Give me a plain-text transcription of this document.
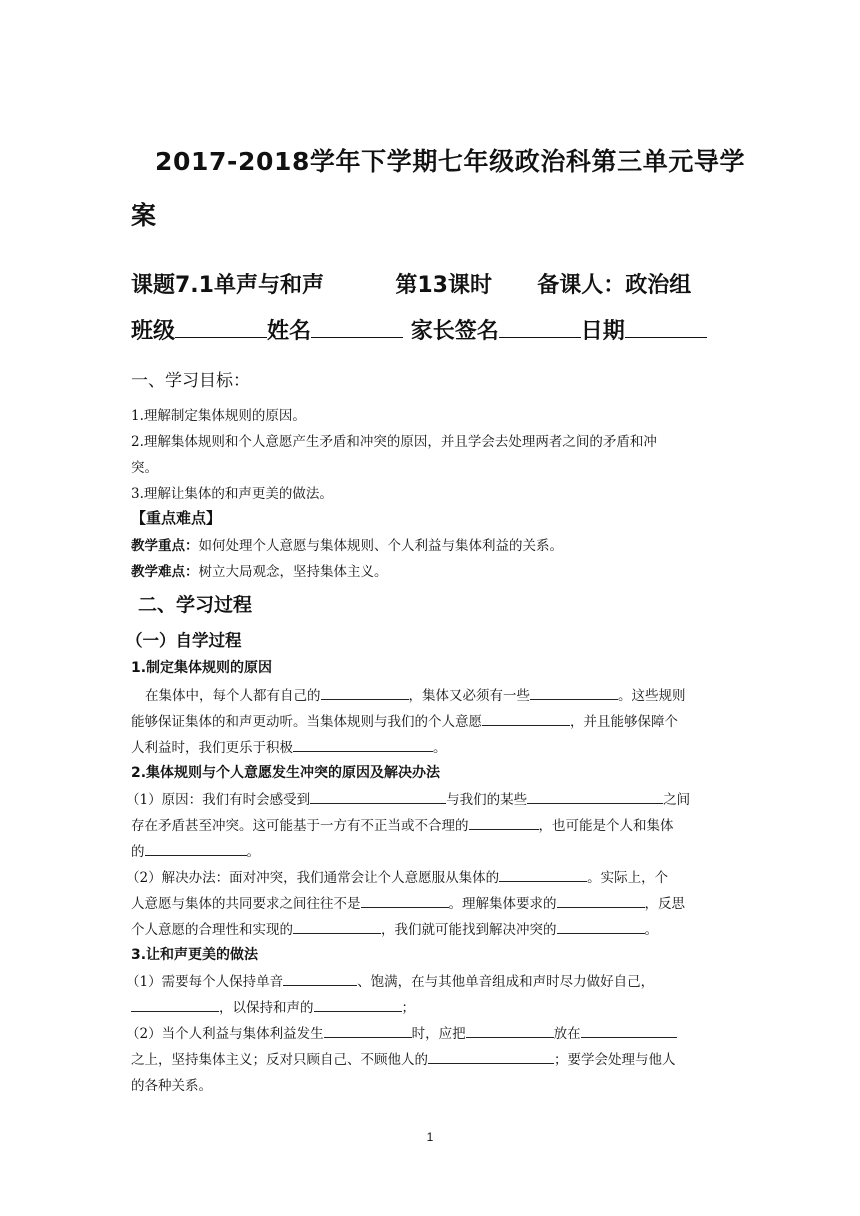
2017-2018学年下学期七年级政治科第三单元导学
案
课题7.1单声与和声	第13课时 备课人：政治组
班级	姓名	家长签名	日期
一、学习目标：
1.理解制定集体规则的原因。
2.理解集体规则和个人意愿产生矛盾和冲突的原因，并且学会去处理两者之间的矛盾和冲
突。
3.理解让集体的和声更美的做法。
【重点难点】
教学重点：如何处理个人意愿与集体规则、个人利益与集体利益的关系。
教学难点：树立大局观念，坚持集体主义。
二、学习过程
（一）自学过程
1.制定集体规则的原因
在集体中，每个人都有自己的	，集体又必须有一些	。这些规则
能够保证集体的和声更动听。当集体规则与我们的个人意愿	，并且能够保障个
人利益时，我们更乐于积极	。
2.集体规则与个人意愿发生冲突的原因及解决办法
（1）原因：我们有时会感受到	与我们的某些	之间
存在矛盾甚至冲突。这可能基于一方有不正当或不合理的	，也可能是个人和集体
的	。
（2）解决办法：面对冲突，我们通常会让个人意愿服从集体的	。实际上，个
人意愿与集体的共同要求之间往往不是	。理解集体要求的	，反思
个人意愿的合理性和实现的	，我们就可能找到解决冲突的	。
3.让和声更美的做法
（1）需要每个人保持单音	、饱满，在与其他单音组成和声时尽力做好自己，
，以保持和声的	；
（2）当个人利益与集体利益发生	时，应把	放在
之上，坚持集体主义；反对只顾自己、不顾他人的	；要学会处理与他人
的各种关系。
1
